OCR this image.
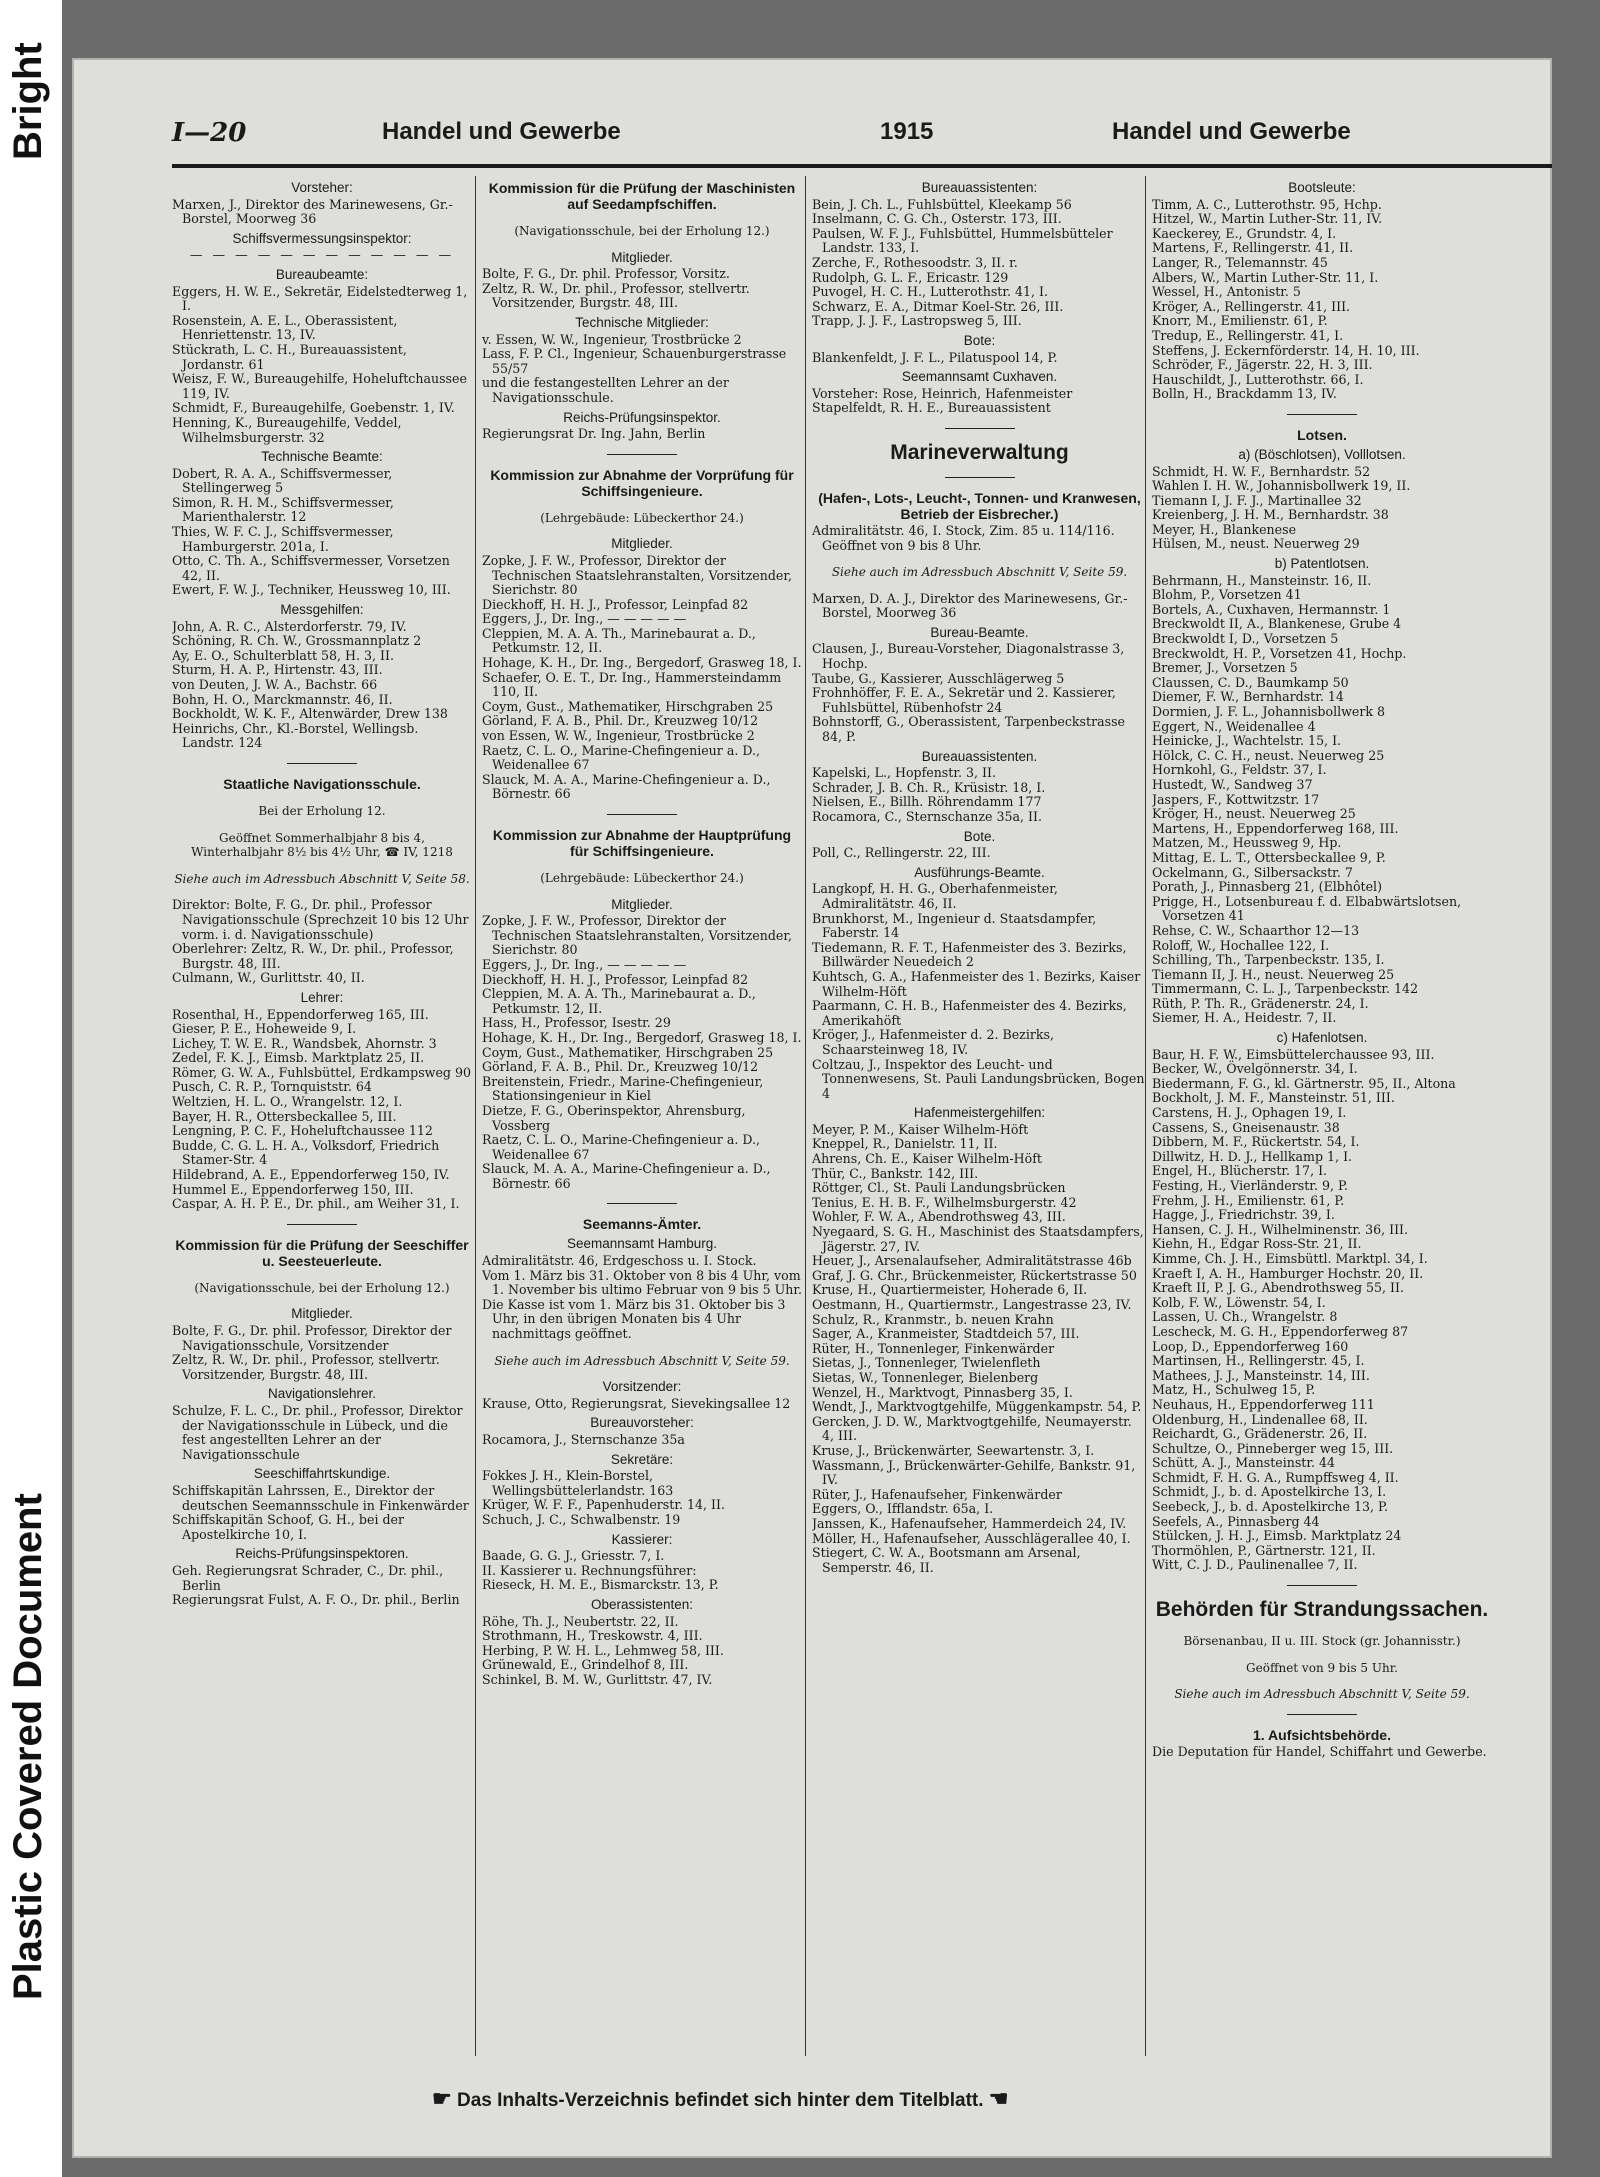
Bright
Plastic Covered Document
I—20	Handel und Gewerbe	1915	Handel und Gewerbe
Vorsteher:

Marxen, J., Direktor des Marinewesens, Gr.-Borstel, Moorweg 36

Schiffsvermessungsinspektor:
— — — — — — — — — — — —
Bureaubeamte:

Eggers, H. W. E., Sekretär, Eidelstedterweg 1, I.

Rosenstein, A. E. L., Oberassistent, Henriettenstr. 13, IV.

Stückrath, L. C. H., Bureauassistent, Jordanstr. 61

Weisz, F. W., Bureaugehilfe, Hoheluftchaussee 119, IV.

Schmidt, F., Bureaugehilfe, Goebenstr. 1, IV.

Henning, K., Bureaugehilfe, Veddel, Wilhelmsburgerstr. 32

Technische Beamte:

Dobert, R. A. A., Schiffsvermesser, Stellingerweg 5

Simon, R. H. M., Schiffsvermesser, Marienthalerstr. 12

Thies, W. F. C. J., Schiffsvermesser, Hamburgerstr. 201a, I.

Otto, C. Th. A., Schiffsvermesser, Vorsetzen 42, II.

Ewert, F. W. J., Techniker, Heussweg 10, III.

Messgehilfen:

John, A. R. C., Alsterdorferstr. 79, IV.

Schöning, R. Ch. W., Grossmannplatz 2

Ay, E. O., Schulterblatt 58, H. 3, II.

Sturm, H. A. P., Hirtenstr. 43, III.

von Deuten, J. W. A., Bachstr. 66

Bohn, H. O., Marckmannstr. 46, II.

Bockholdt, W. K. F., Altenwärder, Drew 138

Heinrichs, Chr., Kl.-Borstel, Wellingsb. Landstr. 124

Staatliche Navigationsschule.

Bei der Erholung 12.

Geöffnet Sommerhalbjahr 8 bis 4, Winterhalbjahr 8½ bis 4½ Uhr, ☎ IV, 1218

Siehe auch im Adressbuch Abschnitt V, Seite 58.

Direktor: Bolte, F. G., Dr. phil., Professor Navigationsschule (Sprechzeit 10 bis 12 Uhr vorm. i. d. Navigationsschule)

Oberlehrer: Zeltz, R. W., Dr. phil., Professor, Burgstr. 48, III.

Culmann, W., Gurlittstr. 40, II.

Lehrer:

Rosenthal, H., Eppendorferweg 165, III.

Gieser, P. E., Hoheweide 9, I.

Lichey, T. W. E. R., Wandsbek, Ahornstr. 3

Zedel, F. K. J., Eimsb. Marktplatz 25, II.

Römer, G. W. A., Fuhlsbüttel, Erdkampsweg 90

Pusch, C. R. P., Tornquiststr. 64

Weltzien, H. L. O., Wrangelstr. 12, I.

Bayer, H. R., Ottersbeckallee 5, III.

Lengning, P. C. F., Hoheluftchaussee 112

Budde, C. G. L. H. A., Volksdorf, Friedrich Stamer-Str. 4

Hildebrand, A. E., Eppendorferweg 150, IV.

Hummel E., Eppendorferweg 150, III.

Caspar, A. H. P. E., Dr. phil., am Weiher 31, I.

Kommission für die Prüfung der Seeschiffer u. Seesteuerleute.

(Navigationsschule, bei der Erholung 12.)

Mitglieder.

Bolte, F. G., Dr. phil. Professor, Direktor der Navigationsschule, Vorsitzender

Zeltz, R. W., Dr. phil., Professor, stellvertr. Vorsitzender, Burgstr. 48, III.

Navigationslehrer.

Schulze, F. L. C., Dr. phil., Professor, Direktor der Navigationsschule in Lübeck, und die fest angestellten Lehrer an der Navigationsschule

Seeschiffahrtskundige.

Schiffskapitän Lahrssen, E., Direktor der deutschen Seemannsschule in Finkenwärder

Schiffskapitän Schoof, G. H., bei der Apostelkirche 10, I.

Reichs-Prüfungsinspektoren.

Geh. Regierungsrat Schrader, C., Dr. phil., Berlin

Regierungsrat Fulst, A. F. O., Dr. phil., Berlin

Kommission für die Prüfung der Maschinisten auf Seedampfschiffen.

(Navigationsschule, bei der Erholung 12.)

Mitglieder.

Bolte, F. G., Dr. phil. Professor, Vorsitz.

Zeltz, R. W., Dr. phil., Professor, stellvertr. Vorsitzender, Burgstr. 48, III.

Technische Mitglieder:

v. Essen, W. W., Ingenieur, Trostbrücke 2

Lass, F. P. Cl., Ingenieur, Schauenburgerstrasse 55/57

und die festangestellten Lehrer an der Navigationsschule.

Reichs-Prüfungsinspektor.

Regierungsrat Dr. Ing. Jahn, Berlin

Kommission zur Abnahme der Vorprüfung für Schiffsingenieure.

(Lehrgebäude: Lübeckerthor 24.)

Mitglieder.

Zopke, J. F. W., Professor, Direktor der Technischen Staatslehranstalten, Vorsitzender, Sierichstr. 80

Dieckhoff, H. H. J., Professor, Leinpfad 82

Eggers, J., Dr. Ing., — — — — —

Cleppien, M. A. A. Th., Marinebaurat a. D., Petkumstr. 12, II.

Hohage, K. H., Dr. Ing., Bergedorf, Grasweg 18, I.

Schaefer, O. E. T., Dr. Ing., Hammersteindamm 110, II.

Coym, Gust., Mathematiker, Hirschgraben 25

Görland, F. A. B., Phil. Dr., Kreuzweg 10/12

von Essen, W. W., Ingenieur, Trostbrücke 2

Raetz, C. L. O., Marine-Chefingenieur a. D., Weidenallee 67

Slauck, M. A. A., Marine-Chefingenieur a. D., Börnestr. 66

Kommission zur Abnahme der Hauptprüfung für Schiffsingenieure.

(Lehrgebäude: Lübeckerthor 24.)

Mitglieder.

Zopke, J. F. W., Professor, Direktor der Technischen Staatslehranstalten, Vorsitzender, Sierichstr. 80

Eggers, J., Dr. Ing., — — — — —

Dieckhoff, H. H. J., Professor, Leinpfad 82

Cleppien, M. A. A. Th., Marinebaurat a. D., Petkumstr. 12, II.

Hass, H., Professor, Isestr. 29

Hohage, K. H., Dr. Ing., Bergedorf, Grasweg 18, I.

Coym, Gust., Mathematiker, Hirschgraben 25

Görland, F. A. B., Phil. Dr., Kreuzweg 10/12

Breitenstein, Friedr., Marine-Chefingenieur, Stationsingenieur in Kiel

Dietze, F. G., Oberinspektor, Ahrensburg, Vossberg

Raetz, C. L. O., Marine-Chefingenieur a. D., Weidenallee 67

Slauck, M. A. A., Marine-Chefingenieur a. D., Börnestr. 66

Seemanns-Ämter.
Seemannsamt Hamburg.

Admiralitätstr. 46, Erdgeschoss u. I. Stock.

Vom 1. März bis 31. Oktober von 8 bis 4 Uhr, vom 1. November bis ultimo Februar von 9 bis 5 Uhr.

Die Kasse ist vom 1. März bis 31. Oktober bis 3 Uhr, in den übrigen Monaten bis 4 Uhr nachmittags geöffnet.

Siehe auch im Adressbuch Abschnitt V, Seite 59.

Vorsitzender:

Krause, Otto, Regierungsrat, Sievekingsallee 12

Bureauvorsteher:

Rocamora, J., Sternschanze 35a

Sekretäre:

Fokkes J. H., Klein-Borstel, Wellingsbüttelerlandstr. 163

Krüger, W. F. F., Papenhuderstr. 14, II.

Schuch, J. C., Schwalbenstr. 19

Kassierer:

Baade, G. G. J., Griesstr. 7, I.

II. Kassierer u. Rechnungsführer:

Rieseck, H. M. E., Bismarckstr. 13, P.

Oberassistenten:

Röhe, Th. J., Neubertstr. 22, II.

Strothmann, H., Treskowstr. 4, III.

Herbing, P. W. H. L., Lehmweg 58, III.

Grünewald, E., Grindelhof 8, III.

Schinkel, B. M. W., Gurlittstr. 47, IV.

Bureauassistenten:

Bein, J. Ch. L., Fuhlsbüttel, Kleekamp 56

Inselmann, C. G. Ch., Osterstr. 173, III.

Paulsen, W. F. J., Fuhlsbüttel, Hummelsbütteler Landstr. 133, I.

Zerche, F., Rothesoodstr. 3, II. r.

Rudolph, G. L. F., Ericastr. 129

Puvogel, H. C. H., Lutterothstr. 41, I.

Schwarz, E. A., Ditmar Koel-Str. 26, III.

Trapp, J. J. F., Lastropsweg 5, III.

Bote:

Blankenfeldt, J. F. L., Pilatuspool 14, P.

Seemannsamt Cuxhaven.

Vorsteher: Rose, Heinrich, Hafenmeister

Stapelfeldt, R. H. E., Bureauassistent

Marineverwaltung
(Hafen-, Lots-, Leucht-, Tonnen- und Kranwesen, Betrieb der Eisbrecher.)

Admiralitätstr. 46, I. Stock, Zim. 85 u. 114/116. Geöffnet von 9 bis 8 Uhr.

Siehe auch im Adressbuch Abschnitt V, Seite 59.

Marxen, D. A. J., Direktor des Marinewesens, Gr.-Borstel, Moorweg 36

Bureau-Beamte.

Clausen, J., Bureau-Vorsteher, Diagonalstrasse 3, Hochp.

Taube, G., Kassierer, Ausschlägerweg 5

Frohnhöffer, F. E. A., Sekretär und 2. Kassierer, Fuhlsbüttel, Rübenhofstr 24

Bohnstorff, G., Oberassistent, Tarpenbeckstrasse 84, P.

Bureauassistenten.

Kapelski, L., Hopfenstr. 3, II.

Schrader, J. B. Ch. R., Krüsistr. 18, I.

Nielsen, E., Billh. Röhrendamm 177

Rocamora, C., Sternschanze 35a, II.

Bote.

Poll, C., Rellingerstr. 22, III.

Ausführungs-Beamte.

Langkopf, H. H. G., Oberhafenmeister, Admiralitätstr. 46, II.

Brunkhorst, M., Ingenieur d. Staatsdampfer, Faberstr. 14

Tiedemann, R. F. T., Hafenmeister des 3. Bezirks, Billwärder Neuedeich 2

Kuhtsch, G. A., Hafenmeister des 1. Bezirks, Kaiser Wilhelm-Höft

Paarmann, C. H. B., Hafenmeister des 4. Bezirks, Amerikahöft

Kröger, J., Hafenmeister d. 2. Bezirks, Schaarsteinweg 18, IV.

Coltzau, J., Inspektor des Leucht- und Tonnenwesens, St. Pauli Landungsbrücken, Bogen 4

Hafenmeistergehilfen:

Meyer, P. M., Kaiser Wilhelm-Höft

Kneppel, R., Danielstr. 11, II.

Ahrens, Ch. E., Kaiser Wilhelm-Höft

Thür, C., Bankstr. 142, III.

Röttger, Cl., St. Pauli Landungsbrücken

Tenius, E. H. B. F., Wilhelmsburgerstr. 42

Wohler, F. W. A., Abendrothsweg 43, III.

Nyegaard, S. G. H., Maschinist des Staatsdampfers, Jägerstr. 27, IV.

Heuer, J., Arsenalaufseher, Admiralitätstrasse 46b

Graf, J. G. Chr., Brückenmeister, Rückertstrasse 50

Kruse, H., Quartiermeister, Hoherade 6, II.

Oestmann, H., Quartiermstr., Langestrasse 23, IV.

Schulz, R., Kranmstr., b. neuen Krahn

Sager, A., Kranmeister, Stadtdeich 57, III.

Rüter, H., Tonnenleger, Finkenwärder

Sietas, J., Tonnenleger, Twielenfleth

Sietas, W., Tonnenleger, Bielenberg

Wenzel, H., Marktvogt, Pinnasberg 35, I.

Wendt, J., Marktvogtgehilfe, Müggenkampstr. 54, P.

Gercken, J. D. W., Marktvogtgehilfe, Neumayerstr. 4, III.

Kruse, J., Brückenwärter, Seewartenstr. 3, I.

Wassmann, J., Brückenwärter-Gehilfe, Bankstr. 91, IV.

Rüter, J., Hafenaufseher, Finkenwärder

Eggers, O., Ifflandstr. 65a, I.

Janssen, K., Hafenaufseher, Hammerdeich 24, IV.

Möller, H., Hafenaufseher, Ausschlägerallee 40, I.

Stiegert, C. W. A., Bootsmann am Arsenal, Semperstr. 46, II.

Bootsleute:

Timm, A. C., Lutterothstr. 95, Hchp.

Hitzel, W., Martin Luther-Str. 11, IV.

Kaeckerey, E., Grundstr. 4, I.

Martens, F., Rellingerstr. 41, II.

Langer, R., Telemannstr. 45

Albers, W., Martin Luther-Str. 11, I.

Wessel, H., Antonistr. 5

Kröger, A., Rellingerstr. 41, III.

Knorr, M., Emilienstr. 61, P.

Tredup, E., Rellingerstr. 41, I.

Steffens, J. Eckernförderstr. 14, H. 10, III.

Schröder, F., Jägerstr. 22, H. 3, III.

Hauschildt, J., Lutterothstr. 66, I.

Bolln, H., Brackdamm 13, IV.

Lotsen.
a) (Böschlotsen), Volllotsen.

Schmidt, H. W. F., Bernhardstr. 52

Wahlen I. H. W., Johannisbollwerk 19, II.

Tiemann I, J. F. J., Martinallee 32

Kreienberg, J. H. M., Bernhardstr. 38

Meyer, H., Blankenese

Hülsen, M., neust. Neuerweg 29

b) Patentlotsen.

Behrmann, H., Mansteinstr. 16, II.

Blohm, P., Vorsetzen 41

Bortels, A., Cuxhaven, Hermannstr. 1

Breckwoldt II, A., Blankenese, Grube 4

Breckwoldt I, D., Vorsetzen 5

Breckwoldt, H. P., Vorsetzen 41, Hochp.

Bremer, J., Vorsetzen 5

Claussen, C. D., Baumkamp 50

Diemer, F. W., Bernhardstr. 14

Dormien, J. F. L., Johannisbollwerk 8

Eggert, N., Weidenallee 4

Heinicke, J., Wachtelstr. 15, I.

Hölck, C. C. H., neust. Neuerweg 25

Hornkohl, G., Feldstr. 37, I.

Hustedt, W., Sandweg 37

Jaspers, F., Kottwitzstr. 17

Kröger, H., neust. Neuerweg 25

Martens, H., Eppendorferweg 168, III.

Matzen, M., Heussweg 9, Hp.

Mittag, E. L. T., Ottersbeckallee 9, P.

Ockelmann, G., Silbersackstr. 7

Porath, J., Pinnasberg 21, (Elbhôtel)

Prigge, H., Lotsenbureau f. d. Elbabwärtslotsen, Vorsetzen 41

Rehse, C. W., Schaarthor 12—13

Roloff, W., Hochallee 122, I.

Schilling, Th., Tarpenbeckstr. 135, I.

Tiemann II, J. H., neust. Neuerweg 25

Timmermann, C. L. J., Tarpenbeckstr. 142

Rüth, P. Th. R., Grädenerstr. 24, I.

Siemer, H. A., Heidestr. 7, II.

c) Hafenlotsen.

Baur, H. F. W., Eimsbüttelerchaussee 93, III.

Becker, W., Övelgönnerstr. 34, I.

Biedermann, F. G., kl. Gärtnerstr. 95, II., Altona

Bockholt, J. M. F., Mansteinstr. 51, III.

Carstens, H. J., Ophagen 19, I.

Cassens, S., Gneisenaustr. 38

Dibbern, M. F., Rückertstr. 54, I.

Dillwitz, H. D. J., Hellkamp 1, I.

Engel, H., Blücherstr. 17, I.

Festing, H., Vierländerstr. 9, P.

Frehm, J. H., Emilienstr. 61, P.

Hagge, J., Friedrichstr. 39, I.

Hansen, C. J. H., Wilhelminenstr. 36, III.

Kiehn, H., Edgar Ross-Str. 21, II.

Kimme, Ch. J. H., Eimsbüttl. Marktpl. 34, I.

Kraeft I, A. H., Hamburger Hochstr. 20, II.

Kraeft II, P. J. G., Abendrothsweg 55, II.

Kolb, F. W., Löwenstr. 54, I.

Lassen, U. Ch., Wrangelstr. 8

Lescheck, M. G. H., Eppendorferweg 87

Loop, D., Eppendorferweg 160

Martinsen, H., Rellingerstr. 45, I.

Mathees, J. J., Mansteinstr. 14, III.

Matz, H., Schulweg 15, P.

Neuhaus, H., Eppendorferweg 111

Oldenburg, H., Lindenallee 68, II.

Reichardt, G., Grädenerstr. 26, II.

Schultze, O., Pinneberger weg 15, III.

Schütt, A. J., Mansteinstr. 44

Schmidt, F. H. G. A., Rumpffsweg 4, II.

Schmidt, J., b. d. Apostelkirche 13, I.

Seebeck, J., b. d. Apostelkirche 13, P.

Seefels, A., Pinnasberg 44

Stülcken, J. H. J., Eimsb. Marktplatz 24

Thormöhlen, P., Gärtnerstr. 121, II.

Witt, C. J. D., Paulinenallee 7, II.

Behörden für Strandungssachen.

Börsenanbau, II u. III. Stock (gr. Johannisstr.)

Geöffnet von 9 bis 5 Uhr.

Siehe auch im Adressbuch Abschnitt V, Seite 59.

1. Aufsichtsbehörde.

Die Deputation für Handel, Schiffahrt und Gewerbe.

☛ Das Inhalts-Verzeichnis befindet sich hinter dem Titelblatt. ☚
